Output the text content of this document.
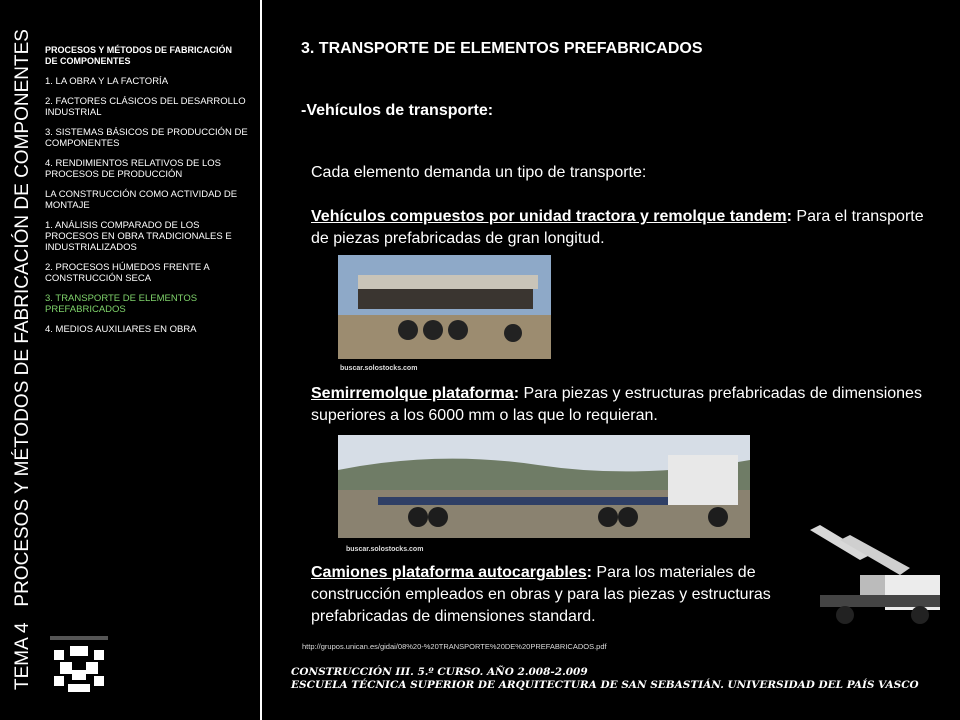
TEMA 4   PROCESOS Y MÉTODOS DE FABRICACIÓN DE COMPONENTES	PROCESOS Y MÉTODOS DE FABRICACIÓN
DE COMPONENTES
1. LA OBRA Y LA FACTORÍA
2. FACTORES CLÁSICOS DEL DESARROLLO INDUSTRIAL
3. SISTEMAS BÁSICOS DE PRODUCCIÓN DE COMPONENTES
4. RENDIMIENTOS RELATIVOS DE LOS PROCESOS DE PRODUCCIÓN
LA CONSTRUCCIÓN COMO ACTIVIDAD DE MONTAJE
1. ANÁLISIS COMPARADO DE LOS PROCESOS EN OBRA TRADICIONALES E INDUSTRIALIZADOS
2. PROCESOS HÚMEDOS FRENTE A CONSTRUCCIÓN SECA
3. TRANSPORTE DE ELEMENTOS PREFABRICADOS
4. MEDIOS AUXILIARES EN OBRA
3. TRANSPORTE DE ELEMENTOS PREFABRICADOS
-Vehículos de transporte:
Cada elemento demanda un tipo de transporte:
Vehículos compuestos por unidad tractora y remolque tandem: Para el transporte de piezas prefabricadas de gran longitud.
buscar.solostocks.com
Semirremolque plataforma: Para piezas y estructuras prefabricadas de dimensiones superiores a los 6000 mm o las que lo requieran.
buscar.solostocks.com
Camiones plataforma autocargables: Para los materiales de construcción empleados en obras y para las piezas y estructuras prefabricadas de dimensiones standard.
http://grupos.unican.es/gidai/08%20-%20TRANSPORTE%20DE%20PREFABRICADOS.pdf
CONSTRUCCIÓN III. 5.º CURSO. AÑO 2.008-2.009
ESCUELA TÉCNICA SUPERIOR DE ARQUITECTURA DE SAN SEBASTIÁN. UNIVERSIDAD DEL PAÍS VASCO
